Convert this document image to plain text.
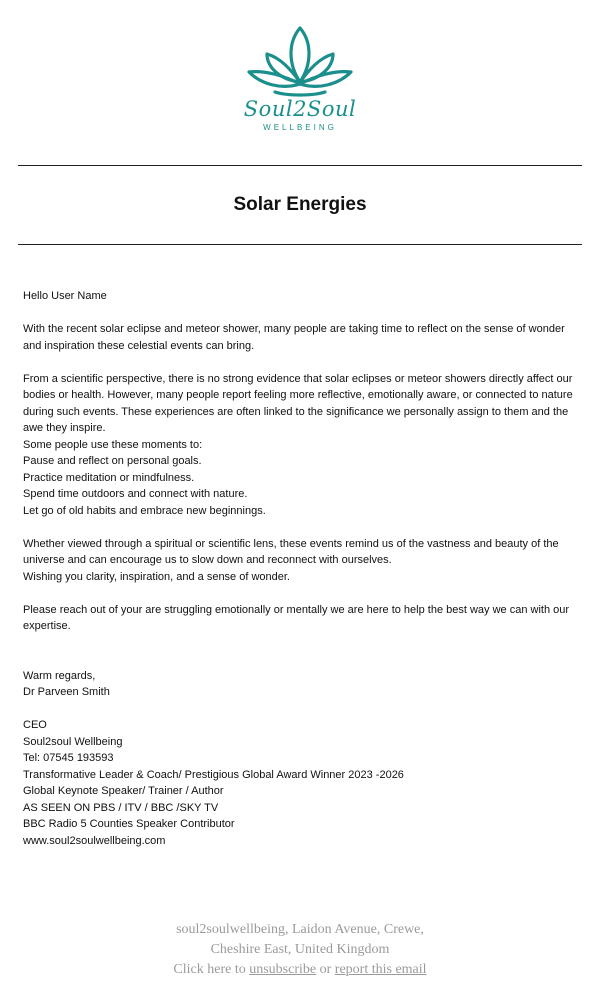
Soul2Soul
WELLBEING
Solar Energies
Hello User Name
With the recent solar eclipse and meteor shower, many people are taking time to reflect on the sense of wonder and inspiration these celestial events can bring.
From a scientific perspective, there is no strong evidence that solar eclipses or meteor showers directly affect our bodies or health. However, many people report feeling more reflective, emotionally aware, or connected to nature during such events. These experiences are often linked to the significance we personally assign to them and the awe they inspire.
Some people use these moments to:
Pause and reflect on personal goals.
Practice meditation or mindfulness.
Spend time outdoors and connect with nature.
Let go of old habits and embrace new beginnings.
Whether viewed through a spiritual or scientific lens, these events remind us of the vastness and beauty of the universe and can encourage us to slow down and reconnect with ourselves.
Wishing you clarity, inspiration, and a sense of wonder.
Please reach out of your are struggling emotionally or mentally we are here to help the best way we can with our expertise.
Warm regards,
Dr Parveen Smith
CEO
Soul2soul Wellbeing
Tel: 07545 193593
Transformative Leader & Coach/ Prestigious Global Award Winner 2023 -2026
Global Keynote Speaker/ Trainer / Author
AS SEEN ON PBS / ITV / BBC /SKY TV
BBC Radio 5 Counties Speaker Contributor
www.soul2soulwellbeing.com
soul2soulwellbeing, Laidon Avenue, Crewe,
Cheshire East, United Kingdom
Click here to unsubscribe or report this email
